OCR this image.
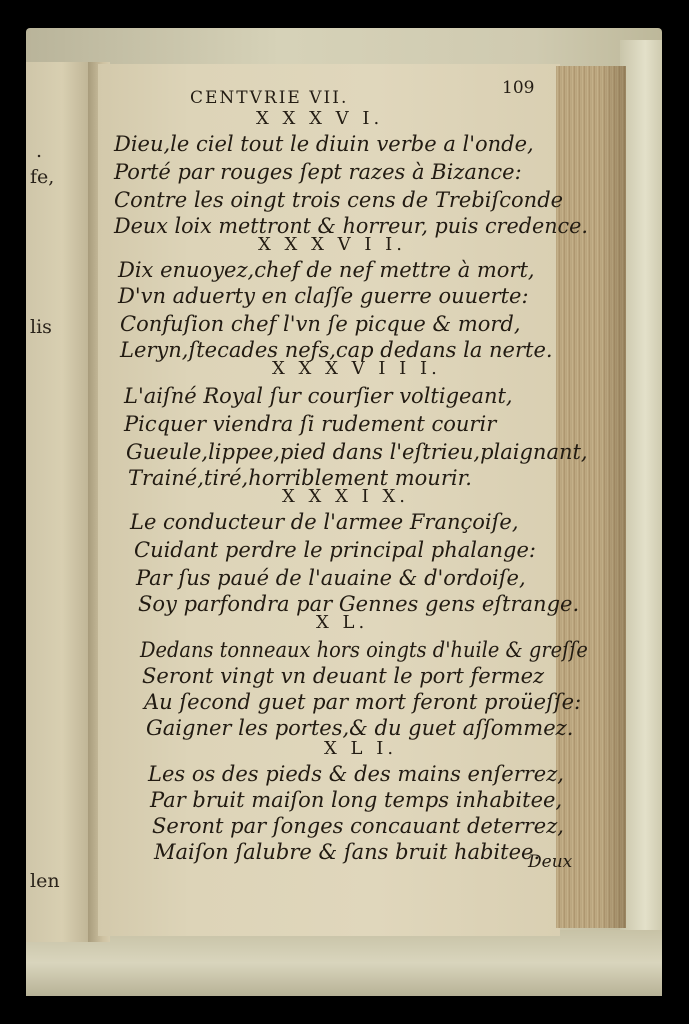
.
fe,
lis
len
CENTVRIE VII.	109
X X X V I.
Dieu,le ciel tout le diuin verbe a l'onde,
Porté par rouges ſept razes à Bizance:
Contre les oingt trois cens de Trebiſconde
Deux loix mettront & horreur, puis credence.
X X X V I I.
Dix enuoyez,chef de nef mettre à mort,
D'vn aduerty en claſſe guerre ouuerte:
Confuſion chef l'vn ſe picque & mord,
Leryn,ſtecades nefs,cap dedans la nerte.
X X X V I I I.
L'aiſné Royal ſur courſier voltigeant,
Picquer viendra ſi rudement courir
Gueule,lippee,pied dans l'eſtrieu,plaignant,
Trainé,tiré,horriblement mourir.
X X X I X.
Le conducteur de l'armee Françoiſe,
Cuidant perdre le principal phalange:
Par ſus paué de l'auaine & d'ordoiſe,
Soy parfondra par Gennes gens eſtrange.
X L.
Dedans tonneaux hors oingts d'huile & greſſe
Seront vingt vn deuant le port fermez
Au ſecond guet par mort feront proüeſſe:
Gaigner les portes,& du guet aſſommez.
X L I.
Les os des pieds & des mains enſerrez,
Par bruit maiſon long temps inhabitee,
Seront par ſonges concauant deterrez,
Maiſon ſalubre & ſans bruit habitee.
Deux
